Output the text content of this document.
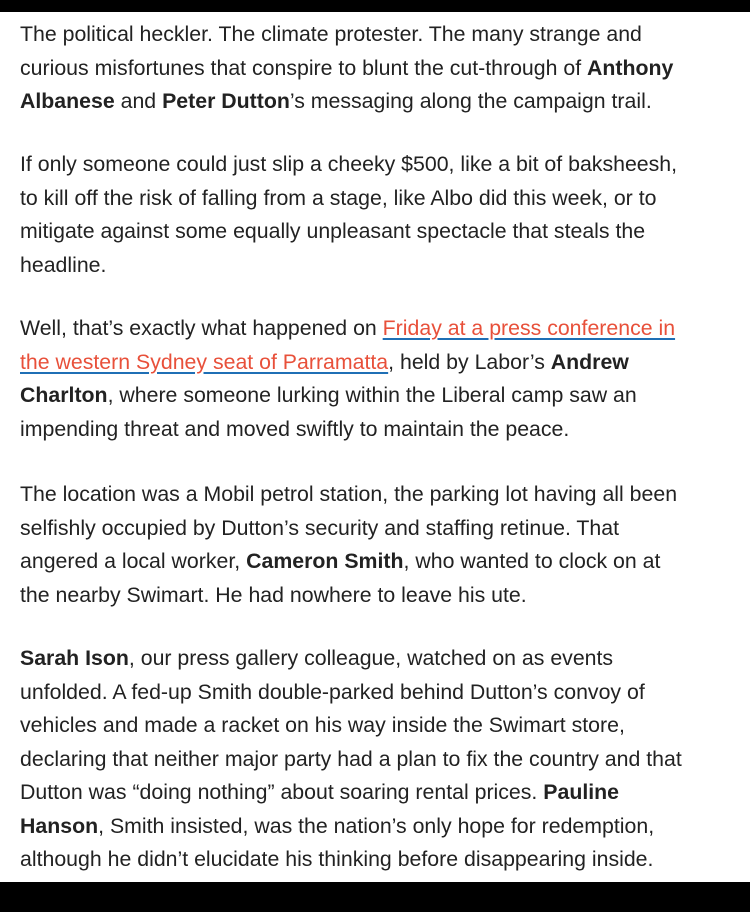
The political heckler. The climate protester. The many strange and
curious misfortunes that conspire to blunt the cut-through of Anthony
Albanese and Peter Dutton’s messaging along the campaign trail.

If only someone could just slip a cheeky $500, like a bit of baksheesh,
to kill off the risk of falling from a stage, like Albo did this week, or to
mitigate against some equally unpleasant spectacle that steals the
headline.

Well, that’s exactly what happened on Friday at a press conference in
the western Sydney seat of Parramatta, held by Labor’s Andrew
Charlton, where someone lurking within the Liberal camp saw an
impending threat and moved swiftly to maintain the peace.

The location was a Mobil petrol station, the parking lot having all been
selfishly occupied by Dutton’s security and staffing retinue. That
angered a local worker, Cameron Smith, who wanted to clock on at
the nearby Swimart. He had nowhere to leave his ute.

Sarah Ison, our press gallery colleague, watched on as events
unfolded. A fed-up Smith double-parked behind Dutton’s convoy of
vehicles and made a racket on his way inside the Swimart store,
declaring that neither major party had a plan to fix the country and that
Dutton was “doing nothing” about soaring rental prices. Pauline
Hanson, Smith insisted, was the nation’s only hope for redemption,
although he didn’t elucidate his thinking before disappearing inside.
